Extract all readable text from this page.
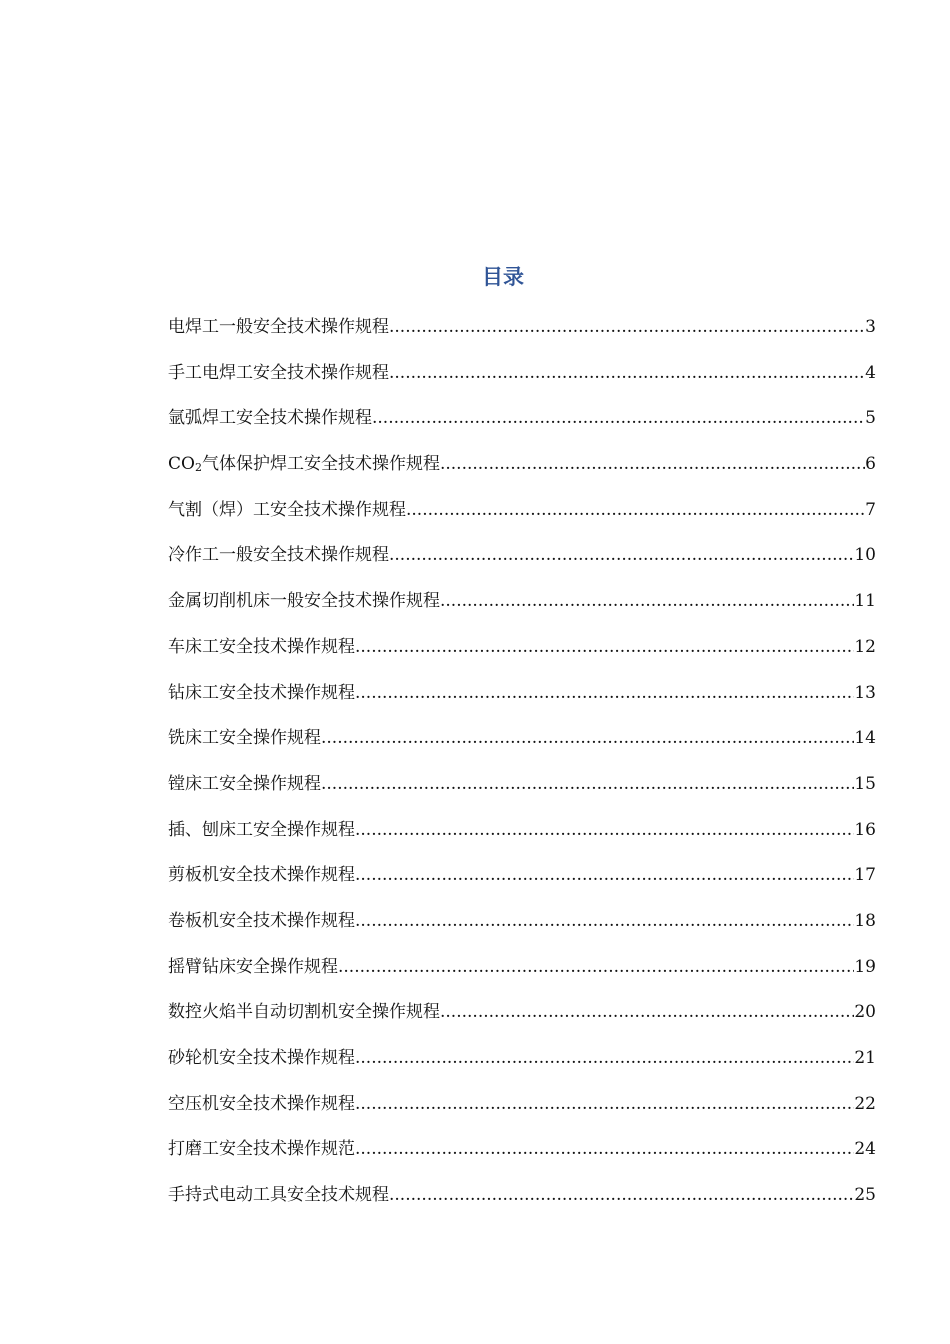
目录
电焊工一般安全技术操作规程 .....	3
手工电焊工安全技术操作规程 .....	4
氩弧焊工安全技术操作规程 .....	5
$CO_2$气体保护焊工安全技术操作规程 .....	6
气割（焊）工安全技术操作规程 .....	7
冷作工一般安全技术操作规程 .....	10
金属切削机床一般安全技术操作规程 .....	11
车床工安全技术操作规程 .....	12
钻床工安全技术操作规程 .....	13
铣床工安全操作规程 .....	14
镗床工安全操作规程 .....	15
插、刨床工安全操作规程 .....	16
剪板机安全技术操作规程 .....	17
卷板机安全技术操作规程 .....	18
摇臂钻床安全操作规程 .....	19
数控火焰半自动切割机安全操作规程 .....	20
砂轮机安全技术操作规程 .....	21
空压机安全技术操作规程 .....	22
打磨工安全技术操作规范 .....	24
手持式电动工具安全技术规程 .....	25
